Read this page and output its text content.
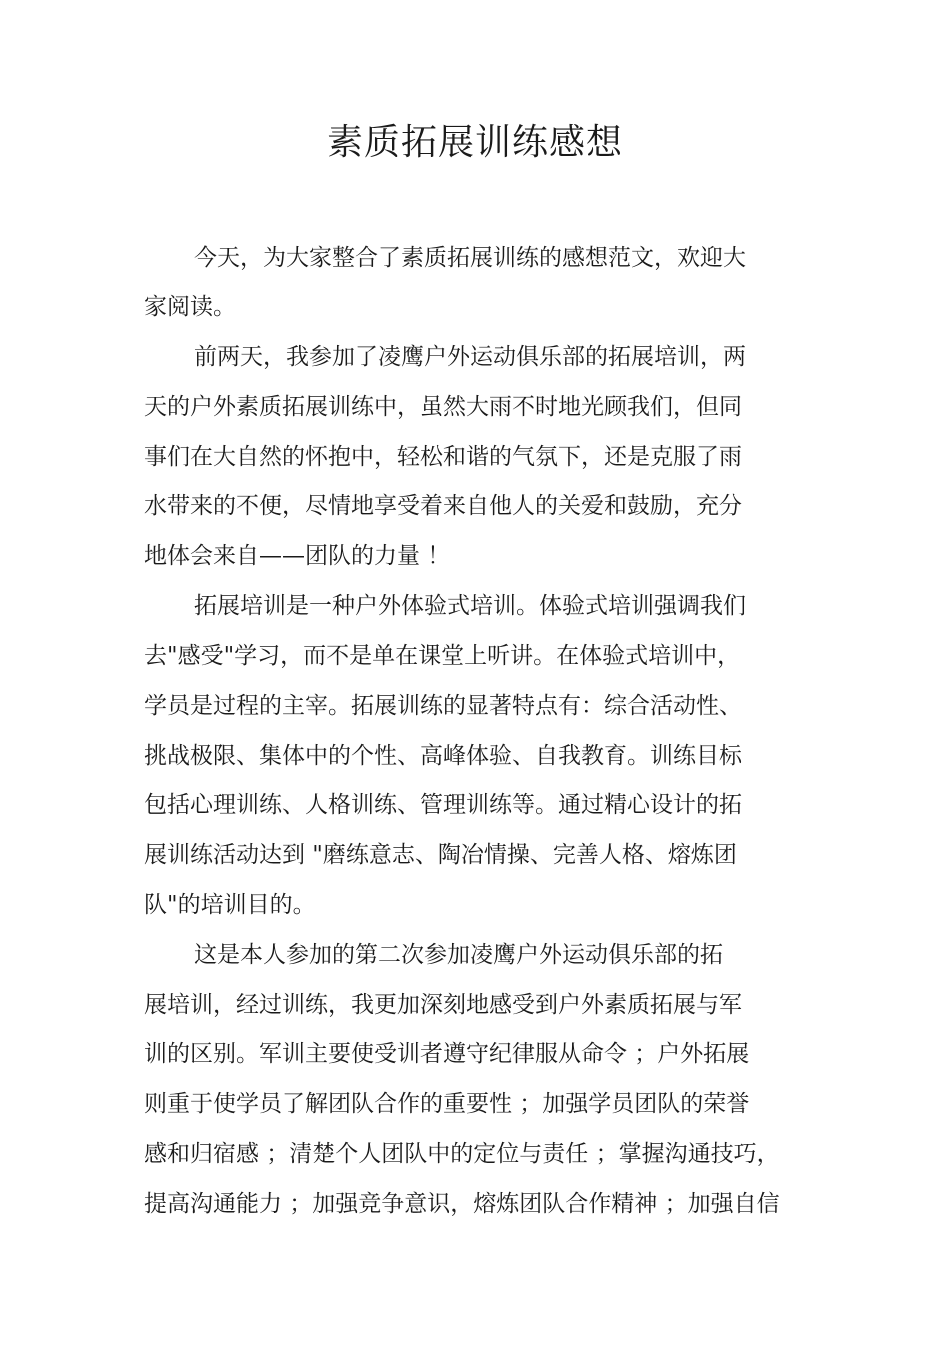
素质拓展训练感想
今天，为大家整合了素质拓展训练的感想范文，欢迎大
家阅读。
前两天，我参加了凌鹰户外运动俱乐部的拓展培训，两
天的户外素质拓展训练中，虽然大雨不时地光顾我们，但同
事们在大自然的怀抱中，轻松和谐的气氛下，还是克服了雨
水带来的不便，尽情地享受着来自他人的关爱和鼓励，充分
地体会来自——团队的力量 ！
拓展培训是一种户外体验式培训。体验式培训强调我们
去"感受"学习，而不是单在课堂上听讲。在体验式培训中，
学员是过程的主宰。拓展训练的显著特点有：综合活动性、
挑战极限、集体中的个性、高峰体验、自我教育。训练目标
包括心理训练、人格训练、管理训练等。通过精心设计的拓
展训练活动达到 "磨练意志、陶冶情操、完善人格、熔炼团
队"的培训目的。
这是本人参加的第二次参加凌鹰户外运动俱乐部的拓
展培训，经过训练，我更加深刻地感受到户外素质拓展与军
训的区别。军训主要使受训者遵守纪律服从命令 ；户外拓展
则重于使学员了解团队合作的重要性 ；加强学员团队的荣誉
感和归宿感 ；清楚个人团队中的定位与责任 ；掌握沟通技巧，
提高沟通能力 ；加强竞争意识，熔炼团队合作精神 ；加强自信
